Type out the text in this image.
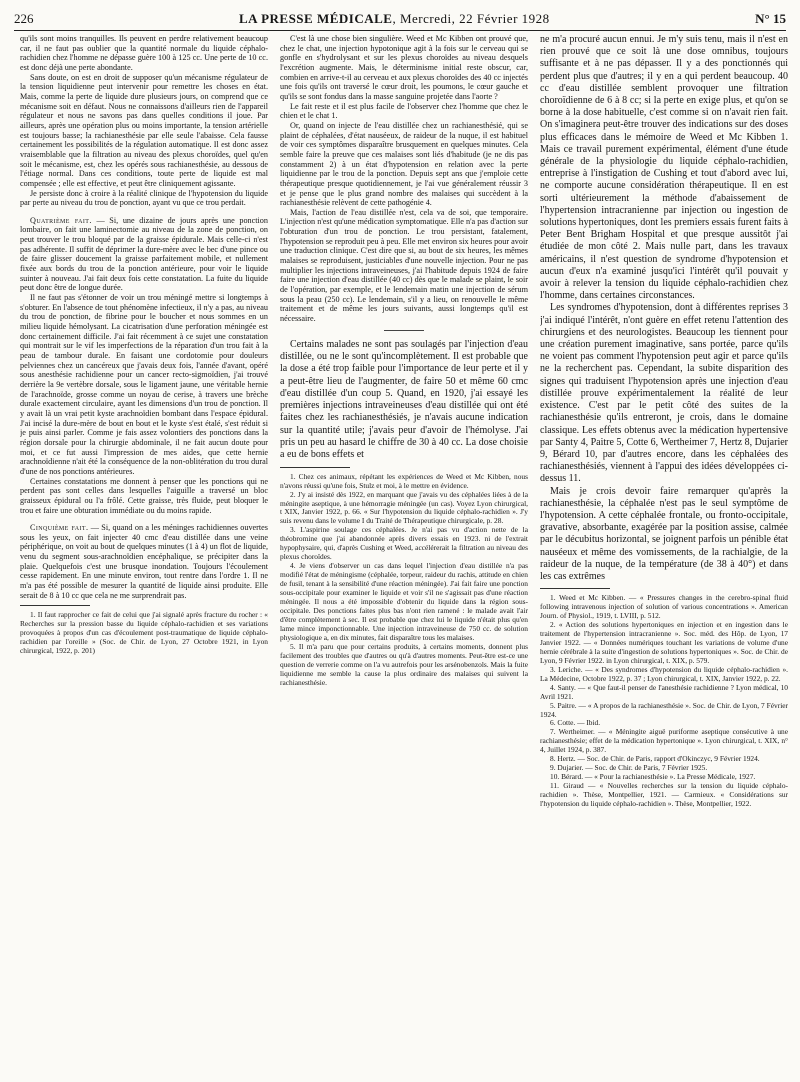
226	LA PRESSE MÉDICALE, Mercredi, 22 Février 1928	N° 15

qu'ils sont moins tranquilles. Ils peuvent en perdre relativement beaucoup car, il ne faut pas oublier que la quantité normale du liquide céphalo-rachidien chez l'homme ne dépasse guère 100 à 125 cc. Une perte de 10 cc. est donc déjà une perte abondante.

Sans doute, on est en droit de supposer qu'un mécanisme régulateur de la tension liquidienne peut intervenir pour remettre les choses en état. Mais, comme la perte de liquide dure plusieurs jours, on comprend que ce mécanisme soit en défaut. Nous ne connaissons d'ailleurs rien de l'appareil régulateur et nous ne savons pas dans quelles conditions il joue. Par ailleurs, après une opération plus ou moins importante, la tension artérielle est toujours basse; la rachianesthésie par elle seule l'abaisse. Cela fausse certainement les possibilités de la régulation automatique. Il est donc assez vraisemblable que la filtration au niveau des plexus choroïdes, quel qu'en soit le mécanisme, est, chez les opérés sous rachianesthésie, au dessous de l'étiage normal. Dans ces conditions, toute perte de liquide est mal compensée ; elle est effective, et peut être cliniquement agissante.

Je persiste donc à croire à la réalité clinique de l'hypotension du liquide par perte au niveau du trou de ponction, ayant vu que ce trou perdait.

Quatrième fait. — Si, une dizaine de jours après une ponction lombaire, on fait une laminectomie au niveau de la zone de ponction, on peut trouver le trou bloqué par de la graisse épidurale. Mais celle-ci n'est pas adhérente. Il suffit de déprimer la dure-mère avec le bec d'une pince ou de faire glisser doucement la graisse parfaitement mobile, et nullement fixée aux bords du trou de la ponction antérieure, pour voir le liquide suinter à nouveau. J'ai fait deux fois cette constatation. La fuite du liquide peut donc être de longue durée.

Il ne faut pas s'étonner de voir un trou méningé mettre si longtemps à s'obturer. En l'absence de tout phénomène infectieux, il n'y a pas, au niveau du trou de ponction, de fibrine pour le boucher et nous sommes en un milieu liquide hémolysant. La cicatrisation d'une perforation méningée est donc certainement difficile. J'ai fait récemment à ce sujet une constatation qui montrait sur le vif les imperfections de la réparation d'un trou fait à la peau de tambour durale. En faisant une cordotomie pour douleurs pelviennes chez un cancéreux que j'avais deux fois, l'année d'avant, opéré sous anesthésie rachidienne pour un cancer recto-sigmoïdien, j'ai trouvé derrière la 9e vertèbre dorsale, sous le ligament jaune, une véritable hernie de l'arachnoïde, grosse comme un noyau de cerise, à travers une brèche durale exactement circulaire, ayant les dimensions d'un trou de ponction. Il y avait là un vrai petit kyste arachnoïdien bombant dans l'espace épidural. J'ai incisé la dure-mère de bout en bout et le kyste s'est étalé, s'est réduit si je puis ainsi parler. Comme je fais assez volontiers des ponctions dans la région dorsale pour la chirurgie abdominale, il ne fait aucun doute pour moi, et ce fut aussi l'impression de mes aides, que cette hernie arachnoïdienne n'ait été la conséquence de la non-oblitération du trou dural d'une de nos ponctions antérieures.

Certaines constatations me donnent à penser que les ponctions qui ne perdent pas sont celles dans lesquelles l'aiguille a traversé un bloc graisseux épidural ou l'a frôlé. Cette graisse, très fluide, peut bloquer le trou et faire une obturation immédiate ou du moins rapide.

Cinquième fait. — Si, quand on a les méninges rachidiennes ouvertes sous les yeux, on fait injecter 40 cmc d'eau distillée dans une veine périphérique, on voit au bout de quelques minutes (1 à 4) un flot de liquide, venu du segment sous-arachnoïdien encéphalique, se précipiter dans la plaie. Quelquefois c'est une brusque inondation. Toujours l'écoulement cesse rapidement. En une minute environ, tout rentre dans l'ordre 1. Il ne m'a pas été possible de mesurer la quantité de liquide ainsi produite. Elle serait de 8 à 10 cc que cela ne me surprendrait pas.

1. Il faut rapprocher ce fait de celui que j'ai signalé après fracture du rocher : « Recherches sur la pression basse du liquide céphalo-rachidien et ses variations provoquées à propos d'un cas d'écoulement post-traumatique de liquide céphalo-rachidien par l'oreille » (Soc. de Chir. de Lyon, 27 Octobre 1921, in Lyon chirurgical, 1922, p. 201)

C'est là une chose bien singulière. Weed et Mc Kibben ont prouvé que, chez le chat, une injection hypotonique agit à la fois sur le cerveau qui se gonfle en s'hydrolysant et sur les plexus choroïdes au niveau desquels l'excrétion augmente. Mais, le déterminisme initial reste obscur, car, combien en arrive-t-il au cerveau et aux plexus choroïdes des 40 cc injectés une fois qu'ils ont traversé le cœur droit, les poumons, le cœur gauche et qu'ils se sont fondus dans la masse sanguine projetée dans l'aorte ?

Le fait reste et il est plus facile de l'observer chez l'homme que chez le chien et le chat 1.

Or, quand on injecte de l'eau distillée chez un rachianesthésié, qui se plaint de céphalées, d'état nauséeux, de raideur de la nuque, il est habituel de voir ces symptômes disparaître brusquement en quelques minutes. Cela semble faire la preuve que ces malaises sont liés d'habitude (je ne dis pas constamment 2) à un état d'hypotension en relation avec la perte liquidienne par le trou de la ponction. Depuis sept ans que j'emploie cette thérapeutique presque quotidiennement, je l'ai vue généralement réussir 3 et je pense que le plus grand nombre des malaises qui succèdent à la rachianesthésie relèvent de cette pathogénie 4.

Mais, l'action de l'eau distillée n'est, cela va de soi, que temporaire. L'injection n'est qu'une médication symptomatique. Elle n'a pas d'action sur l'obturation d'un trou de ponction. Le trou persistant, fatalement, l'hypotension se reproduit peu à peu. Elle met environ six heures pour avoir une traduction clinique. C'est dire que si, au bout de six heures, les mêmes malaises se reproduisent, justiciables d'une nouvelle injection. Pour ne pas multiplier les injections intraveineuses, j'ai l'habitude depuis 1924 de faire faire une injection d'eau distillée (40 cc) dès que le malade se plaint, le soir de l'opération, par exemple, et le lendemain matin une injection de sérum sous la peau (250 cc). Le lendemain, s'il y a lieu, on renouvelle le même traitement et de même les jours suivants, aussi longtemps qu'il est nécessaire.

Certains malades ne sont pas soulagés par l'injection d'eau distillée, ou ne le sont qu'incomplètement. Il est probable que la dose a été trop faible pour l'importance de leur perte et il y a peut-être lieu de l'augmenter, de faire 50 et même 60 cmc d'eau distillée d'un coup 5. Quand, en 1920, j'ai essayé les premières injections intraveineuses d'eau distillée qui ont été faites chez les rachianesthésiés, je n'avais aucune indication sur la quantité utile; j'avais peur d'avoir de l'hémolyse. J'ai pris un peu au hasard le chiffre de 30 à 40 cc. La dose choisie a eu de bons effets et

1. Chez ces animaux, répétant les expériences de Weed et Mc Kibben, nous n'avons réussi qu'une fois, Stulz et moi, à le mettre en évidence.

2. J'y ai insisté dès 1922, en marquant que j'avais vu des céphalées liées à de la méningite aseptique, à une hémorragie méningée (un cas). Voyez Lyon chirurgical, t XIX, Janvier 1922, p. 66. « Sur l'hypotension du liquide céphalo-rachidien ». J'y suis revenu dans le volume I du Traité de Thérapeutique chirurgicale, p. 28.

3. L'aspirine soulage ces céphalées. Je n'ai pas vu d'action nette de la théobromine que j'ai abandonnée après divers essais en 1923. ni de l'extrait hypophysaire, qui, d'après Cushing et Weed, accélérerait la filtration au niveau des plexus choroïdes.

4. Je viens d'observer un cas dans lequel l'injection d'eau distillée n'a pas modifié l'état de méningisme (céphalée, torpeur, raideur du rachis, attitude en chien de fusil, tenant à la sensibilité d'une réaction méningée). J'ai fait faire une ponction sous-occipitale pour examiner le liquide et voir s'il ne s'agissait pas d'une réaction méningée. Il nous a été impossible d'obtenir du liquide dans la région sous-occipitale. Des ponctions faites plus bas n'ont rien ramené : le malade avait l'air d'être complètement à sec. Il est probable que chez lui le liquide n'était plus qu'en lame mince imponctionnable. Une injection intraveineuse de 750 cc. de solution physiologique a, en dix minutes, fait disparaître tous les malaises.

5. Il m'a paru que pour certains produits, à certains moments, donnent plus facilement des troubles que d'autres ou qu'à d'autres moments. Peut-être est-ce une question de verrerie comme on l'a vu autrefois pour les arsénobenzols. Mais la fuite liquidienne me semble la cause la plus ordinaire des malaises qui suivent la rachianesthésie.

ne m'a procuré aucun ennui. Je m'y suis tenu, mais il n'est en rien prouvé que ce soit là une dose omnibus, toujours suffisante et à ne pas dépasser. Il y a des ponctionnés qui perdent plus que d'autres; il y en a qui perdent beaucoup. 40 cc d'eau distillée semblent provoquer une filtration choroïdienne de 6 à 8 cc; si la perte en exige plus, et qu'on se borne à la dose habituelle, c'est comme si on n'avait rien fait. On s'imaginera peut-être trouver des indications sur des doses plus efficaces dans le mémoire de Weed et Mc Kibben 1. Mais ce travail purement expérimental, élément d'une étude générale de la physiologie du liquide céphalo-rachidien, entreprise à l'instigation de Cushing et tout d'abord avec lui, ne comporte aucune considération thérapeutique. Il en est sorti ultérieurement la méthode d'abaissement de l'hypertension intracranienne par injection ou ingestion de solutions hypertoniques, dont les premiers essais furent faits à Peter Bent Brigham Hospital et que presque aussitôt j'ai étudiée de mon côté 2. Mais nulle part, dans les travaux américains, il n'est question de syndrome d'hypotension et aucun d'eux n'a examiné jusqu'ici l'intérêt qu'il pouvait y avoir à relever la tension du liquide céphalo-rachidien chez l'homme, dans certaines circonstances.

Les syndromes d'hypotension, dont à différentes reprises 3 j'ai indiqué l'intérêt, n'ont guère en effet retenu l'attention des chirurgiens et des neurologistes. Beaucoup les tiennent pour une création purement imaginative, sans portée, parce qu'ils ne voient pas comment l'hypotension peut agir et parce qu'ils ne la recherchent pas. Cependant, la subite disparition des signes qui traduisent l'hypotension après une injection d'eau distillée prouve expérimentalement la réalité de leur existence. C'est par le petit côté des suites de la rachianesthésie qu'ils entreront, je crois, dans le domaine classique. Les effets obtenus avec la médication hypertensive par Santy 4, Paitre 5, Cotte 6, Wertheimer 7, Hertz 8, Dujarier 9, Bérard 10, par d'autres encore, dans les céphalées des rachianesthésiés, viennent à l'appui des idées développées ci-dessus 11.

Mais je crois devoir faire remarquer qu'après la rachianesthésie, la céphalée n'est pas le seul symptôme de l'hypotension. A cette céphalée frontale, ou fronto-occipitale, gravative, absorbante, exagérée par la position assise, calmée par le décubitus horizontal, se joignent parfois un pénible état nauséeux et même des vomissements, de la rachialgie, de la raideur de la nuque, de la température (de 38 à 40°) et dans les cas extrêmes

1. Weed et Mc Kibben. — « Pressures changes in the cerebro-spinal fluid following intravenous injection of solution of various concentrations ». American Journ. of Physiol., 1919, t. LVIII, p. 512.

2. « Action des solutions hypertoniques en injection et en ingestion dans le traitement de l'hypertension intracranienne ». Soc. méd. des Hôp. de Lyon, 17 Janvier 1922. — « Données numériques touchant les variations de volume d'une hernie cérébrale à la suite d'ingestion de solutions hypertoniques ». Soc. de Chir. de Lyon, 9 Février 1922. in Lyon chirurgical, t. XIX, p. 579.

3. Leriche. — « Des syndromes d'hypotension du liquide céphalo-rachidien ». La Médecine, Octobre 1922, p. 37 ; Lyon chirurgical, t. XIX, Janvier 1922, p. 22.

4. Santy. — « Que faut-il penser de l'anesthésie rachidienne ? Lyon médical, 10 Avril 1921.

5. Paitre. — « A propos de la rachianesthésie ». Soc. de Chir. de Lyon, 7 Février 1924.

6. Cotte. — Ibid.

7. Wertheimer. — « Méningite aiguë puriforme aseptique consécutive à une rachianesthésie; effet de la médication hypertonique ». Lyon chirurgical, t. XIX, n° 4, Juillet 1924, p. 387.

8. Hertz. — Soc. de Chir. de Paris, rapport d'Okinczyc, 9 Février 1924.

9. Dujarier. — Soc. de Chir. de Paris, 7 Février 1925.

10. Bérard. — « Pour la rachianesthésie ». La Presse Médicale, 1927.

11. Giraud — « Nouvelles recherches sur la tension du liquide céphalo-rachidien ». Thèse, Montpellier, 1921. — Carmieux. « Considérations sur l'hypotension du liquide céphalo-rachidien ». Thèse, Montpellier, 1922.
